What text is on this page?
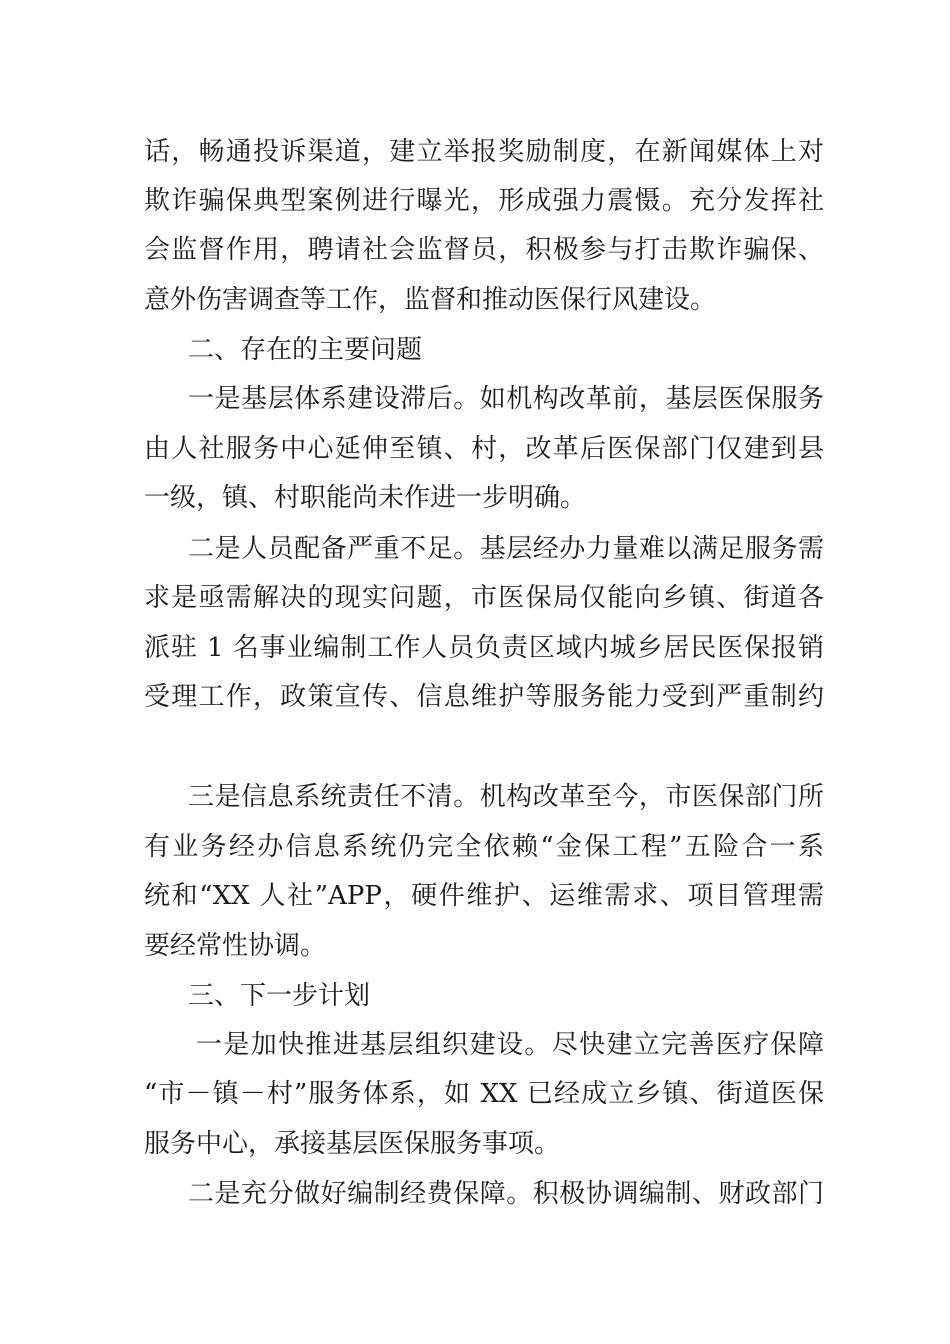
话，畅通投诉渠道，建立举报奖励制度，在新闻媒体上对
欺诈骗保典型案例进行曝光，形成强力震慑。充分发挥社
会监督作用，聘请社会监督员，积极参与打击欺诈骗保、
意外伤害调查等工作，监督和推动医保行风建设。
二、存在的主要问题
一是基层体系建设滞后。如机构改革前，基层医保服务
由人社服务中心延伸至镇、村，改革后医保部门仅建到县
一级，镇、村职能尚未作进一步明确。
二是人员配备严重不足。基层经办力量难以满足服务需
求是亟需解决的现实问题，市医保局仅能向乡镇、街道各
派驻 1 名事业编制工作人员负责区域内城乡居民医保报销
受理工作，政策宣传、信息维护等服务能力受到严重制约
三是信息系统责任不清。机构改革至今，市医保部门所
有业务经办信息系统仍完全依赖“金保工程”五险合一系
统和“XX 人社”APP，硬件维护、运维需求、项目管理需
要经常性协调。
三、下一步计划
一是加快推进基层组织建设。尽快建立完善医疗保障
“市－镇－村”服务体系，如 XX 已经成立乡镇、街道医保
服务中心，承接基层医保服务事项。
二是充分做好编制经费保障。积极协调编制、财政部门
